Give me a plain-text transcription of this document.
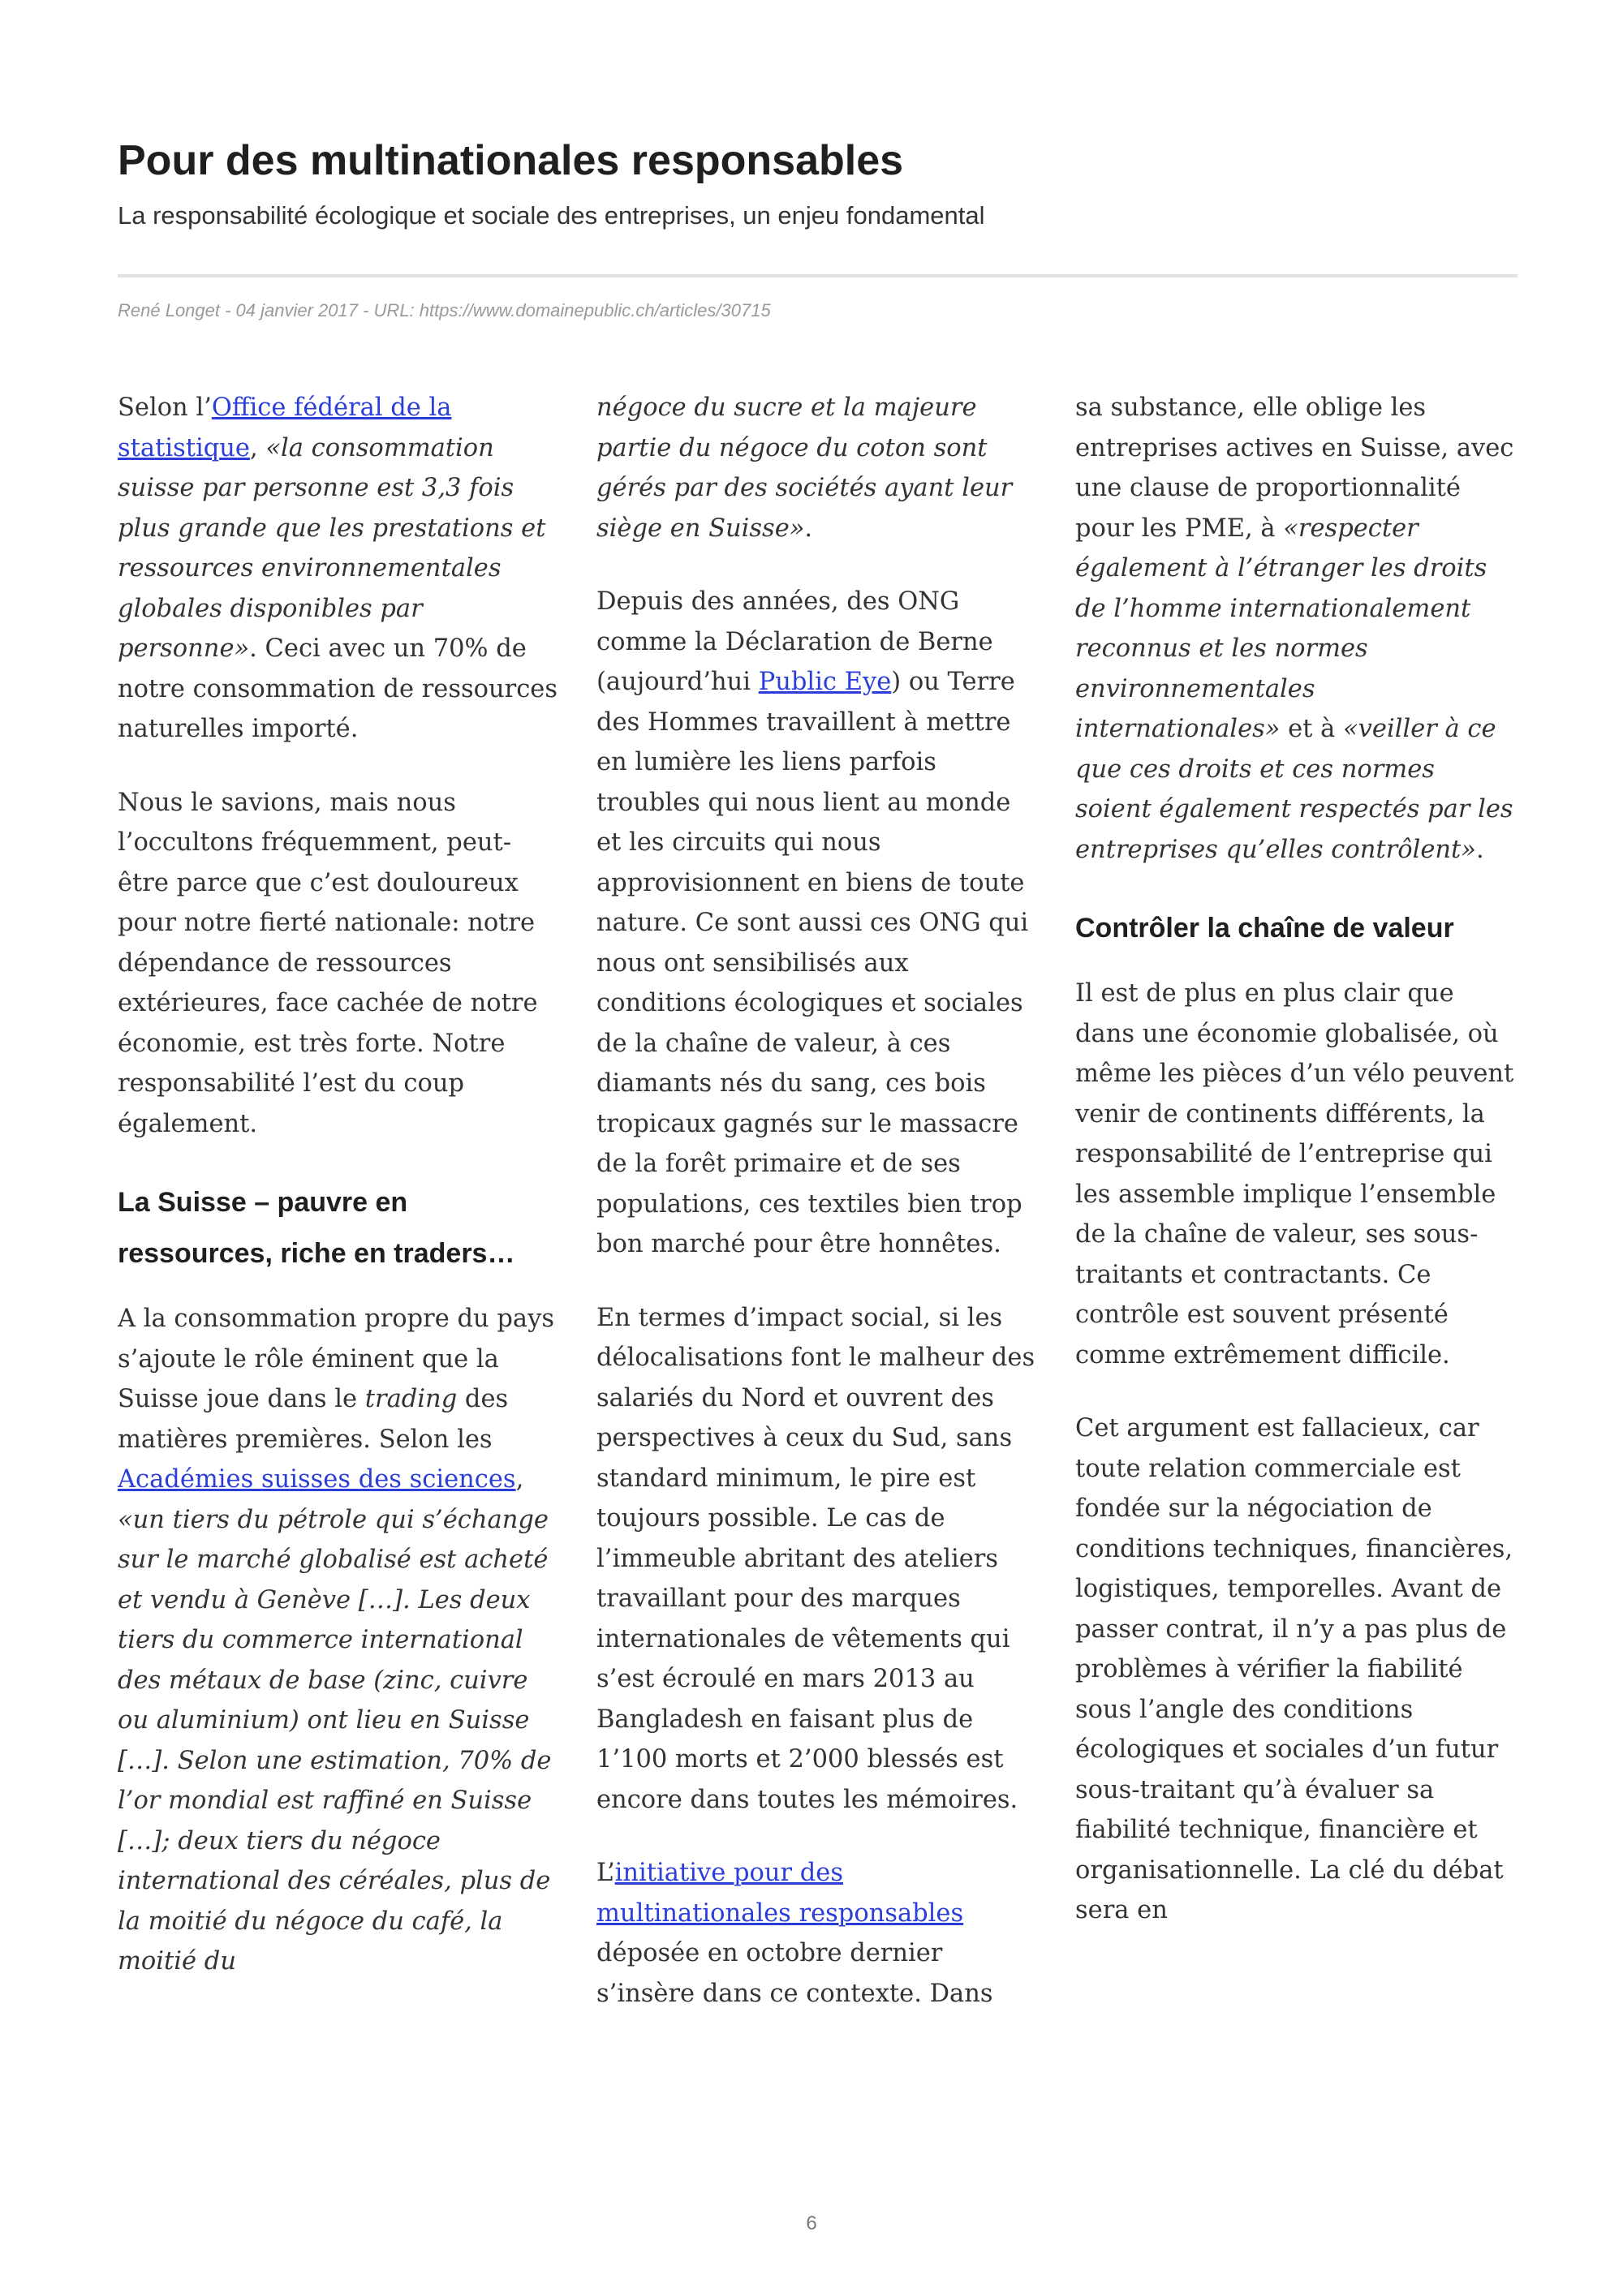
Pour des multinationales responsables
La responsabilité écologique et sociale des entreprises, un enjeu fondamental
René Longet - 04 janvier 2017 - URL: https://www.domainepublic.ch/articles/30715

Selon l’Office fédéral de la statistique, «la consommation suisse par personne est 3,3 fois plus grande que les prestations et ressources environnementales globales disponibles par personne». Ceci avec un 70% de notre consommation de ressources naturelles importé.

Nous le savions, mais nous l’occultons fréquemment, peut-être parce que c’est douloureux pour notre fierté nationale: notre dépendance de ressources extérieures, face cachée de notre économie, est très forte. Notre responsabilité l’est du coup également.

La Suisse – pauvre en ressources, riche en traders…

A la consommation propre du pays s’ajoute le rôle éminent que la Suisse joue dans le trading des matières premières. Selon les Académies suisses des sciences, «un tiers du pétrole qui s’échange sur le marché globalisé est acheté et vendu à Genève […]. Les deux tiers du commerce international des métaux de base (zinc, cuivre ou aluminium) ont lieu en Suisse […]. Selon une estimation, 70% de l’or mondial est raffiné en Suisse […]; deux tiers du négoce international des céréales, plus de la moitié du négoce du café, la moitié du

négoce du sucre et la majeure partie du négoce du coton sont gérés par des sociétés ayant leur siège en Suisse».

Depuis des années, des ONG comme la Déclaration de Berne (aujourd’hui Public Eye) ou Terre des Hommes travaillent à mettre en lumière les liens parfois troubles qui nous lient au monde et les circuits qui nous approvisionnent en biens de toute nature. Ce sont aussi ces ONG qui nous ont sensibilisés aux conditions écologiques et sociales de la chaîne de valeur, à ces diamants nés du sang, ces bois tropicaux gagnés sur le massacre de la forêt primaire et de ses populations, ces textiles bien trop bon marché pour être honnêtes.

En termes d’impact social, si les délocalisations font le malheur des salariés du Nord et ouvrent des perspectives à ceux du Sud, sans standard minimum, le pire est toujours possible. Le cas de l’immeuble abritant des ateliers travaillant pour des marques internationales de vêtements qui s’est écroulé en mars 2013 au Bangladesh en faisant plus de 1’100 morts et 2’000 blessés est encore dans toutes les mémoires.

L’initiative pour des multinationales responsables déposée en octobre dernier s’insère dans ce contexte. Dans

sa substance, elle oblige les entreprises actives en Suisse, avec une clause de proportionnalité pour les PME, à «respecter également à l’étranger les droits de l’homme internationalement reconnus et les normes environnementales internationales» et à «veiller à ce que ces droits et ces normes soient également respectés par les entreprises qu’elles contrôlent».

Contrôler la chaîne de valeur

Il est de plus en plus clair que dans une économie globalisée, où même les pièces d’un vélo peuvent venir de continents différents, la responsabilité de l’entreprise qui les assemble implique l’ensemble de la chaîne de valeur, ses sous-traitants et contractants. Ce contrôle est souvent présenté comme extrêmement difficile.

Cet argument est fallacieux, car toute relation commerciale est fondée sur la négociation de conditions techniques, financières, logistiques, temporelles. Avant de passer contrat, il n’y a pas plus de problèmes à vérifier la fiabilité sous l’angle des conditions écologiques et sociales d’un futur sous-traitant qu’à évaluer sa fiabilité technique, financière et organisationnelle. La clé du débat sera en

6
